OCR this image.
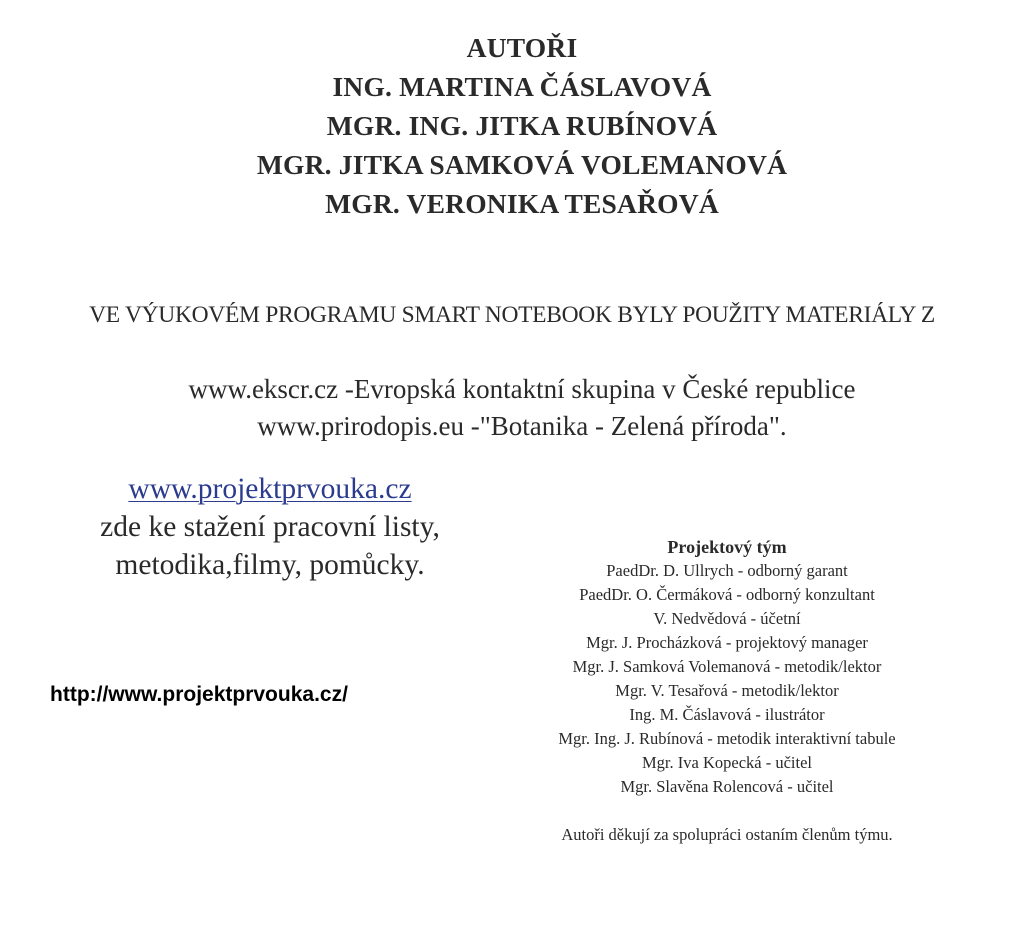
AUTOŘI
ING. MARTINA ČÁSLAVOVÁ
MGR. ING. JITKA RUBÍNOVÁ
MGR. JITKA SAMKOVÁ VOLEMANOVÁ
MGR. VERONIKA TESAŘOVÁ
VE VÝUKOVÉM PROGRAMU SMART NOTEBOOK BYLY POUŽITY MATERIÁLY Z
www.ekscr.cz -Evropská kontaktní skupina v České republice
www.prirodopis.eu -"Botanika - Zelená příroda".
www.projektprvouka.cz
zde ke stažení pracovní listy,
metodika,filmy, pomůcky.
http://www.projektprvouka.cz/
Projektový tým
PaedDr. D. Ullrych - odborný garant
PaedDr. O. Čermáková - odborný konzultant
V. Nedvědová - účetní
Mgr. J. Procházková - projektový manager
Mgr. J. Samková Volemanová - metodik/lektor
Mgr. V. Tesařová - metodik/lektor
Ing. M. Čáslavová - ilustrátor
Mgr. Ing. J. Rubínová - metodik interaktivní tabule
Mgr. Iva Kopecká - učitel
Mgr. Slavěna Rolencová - učitel
Autoři děkují za spolupráci ostaním členům týmu.
